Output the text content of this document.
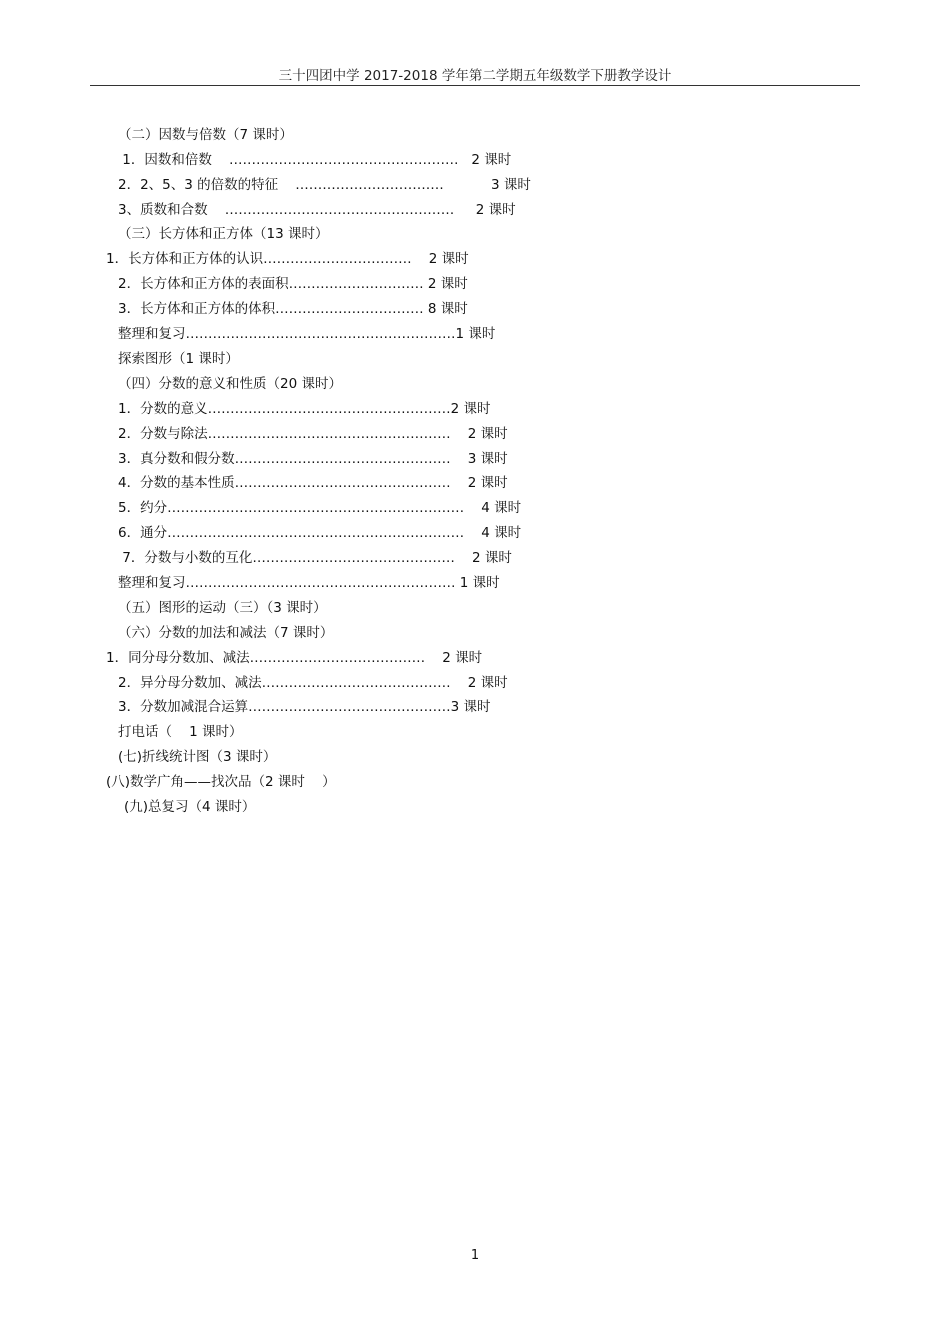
三十四团中学 2017-2018 学年第二学期五年级数学下册教学设计
（二）因数与倍数（7 课时）
1．因数和倍数    ……………………………………………   2 课时
2．2、5、3 的倍数的特征    ……………………………           3 课时
3、质数和合数    ……………………………………………     2 课时
（三）长方体和正方体（13 课时）
1．长方体和正方体的认识……………………………    2 课时
2．长方体和正方体的表面积………………………… 2 课时
3．长方体和正方体的体积…………………………… 8 课时
整理和复习……………………………………………………1 课时
探索图形（1 课时）
（四）分数的意义和性质（20 课时）
1．分数的意义………………………………………………2 课时
2．分数与除法………………………………………………    2 课时
3．真分数和假分数…………………………………………    3 课时
4．分数的基本性质…………………………………………    2 课时
5．约分…………………………………………………………    4 课时
6．通分…………………………………………………………    4 课时
7．分数与小数的互化………………………………………    2 课时
整理和复习…………………………………………………… 1 课时
（五）图形的运动（三）（3 课时）
（六）分数的加法和减法（7 课时）
1．同分母分数加、减法…………………………………    2 课时
2．异分母分数加、减法……………………………………    2 课时
3．分数加减混合运算………………………………………3 课时
打电话（    1 课时）
(七)折线统计图（3 课时）
(八)数学广角——找次品（2 课时    ）
(九)总复习（4 课时）
1
